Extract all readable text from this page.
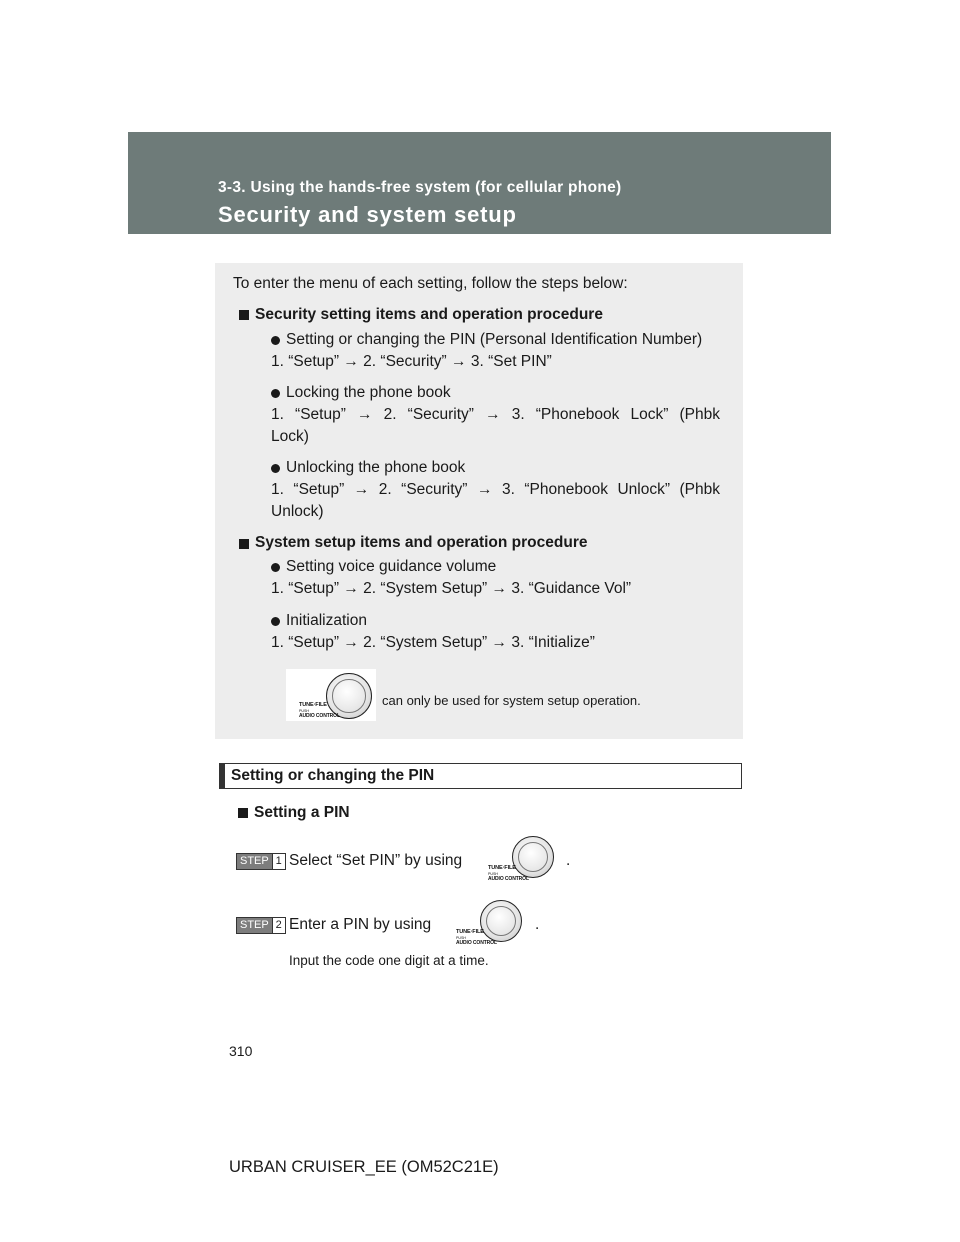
3-3. Using the hands-free system (for cellular phone)
Security and system setup
To enter the menu of each setting, follow the steps below:
Security setting items and operation procedure
Setting or changing the PIN (Personal Identification Number)
1. “Setup” → 2. “Security” → 3. “Set PIN”
Locking the phone book
1. “Setup” → 2. “Security” → 3. “Phonebook Lock” (Phbk
Lock)
Unlocking the phone book
1. “Setup” → 2. “Security” → 3. “Phonebook Unlock” (Phbk
Unlock)
System setup items and operation procedure
Setting voice guidance volume
1. “Setup” → 2. “System Setup” → 3. “Guidance Vol”
Initialization
1. “Setup” → 2. “System Setup” → 3. “Initialize”
TUNE·FILE
PUSH
AUDIO CONTROL
can only be used for system setup operation.
Setting or changing the PIN
Setting a PIN
STEP 1 Select “Set PIN” by using	TUNE·FILE
PUSH
AUDIO CONTROL
.
STEP 2 Enter a PIN by using	TUNE·FILE
PUSH
AUDIO CONTROL
.
Input the code one digit at a time.
310
URBAN CRUISER_EE (OM52C21E)
